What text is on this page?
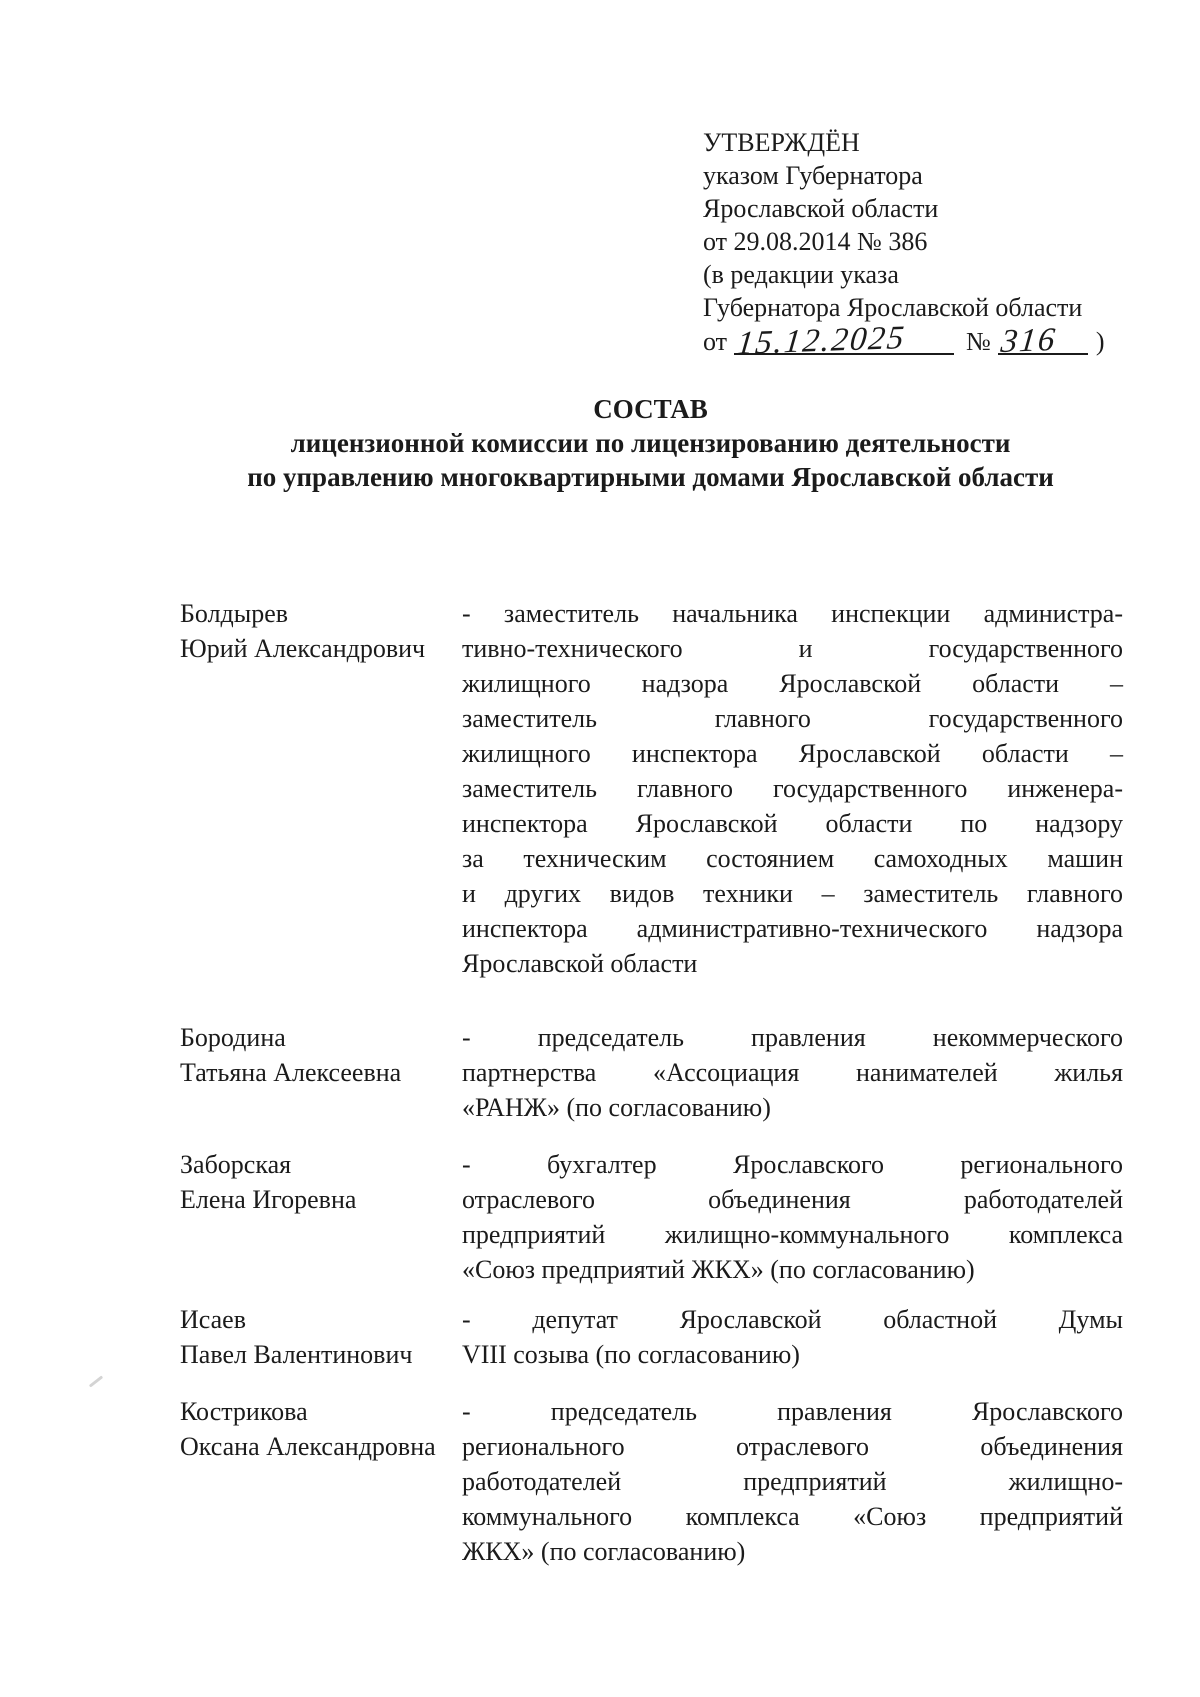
УТВЕРЖДЁН
указом Губернатора
Ярославской области
от 29.08.2014 № 386
(в редакции указа
Губернатора Ярославской области
от 15.12.2025 № 316 )
СОСТАВ
лицензионной комиссии по лицензированию деятельности
по управлению многоквартирными домами Ярославской области
Болдырев
Юрий Александрович
- заместитель начальника инспекции администра-
тивно-технического и государственного
жилищного надзора Ярославской области –
заместитель главного государственного
жилищного инспектора Ярославской области –
заместитель главного государственного инженера-
инспектора Ярославской области по надзору
за техническим состоянием самоходных машин
и других видов техники – заместитель главного
инспектора административно-технического надзора
Ярославской области
Бородина
Татьяна Алексеевна
- председатель правления некоммерческого
партнерства «Ассоциация нанимателей жилья
«РАНЖ» (по согласованию)
Заборская
Елена Игоревна
- бухгалтер Ярославского регионального
отраслевого объединения работодателей
предприятий жилищно-коммунального комплекса
«Союз предприятий ЖКХ» (по согласованию)
Исаев
Павел Валентинович
- депутат Ярославской областной Думы
VIII созыва (по согласованию)
Кострикова
Оксана Александровна
- председатель правления Ярославского
регионального отраслевого объединения
работодателей предприятий жилищно-
коммунального комплекса «Союз предприятий
ЖКХ» (по согласованию)
